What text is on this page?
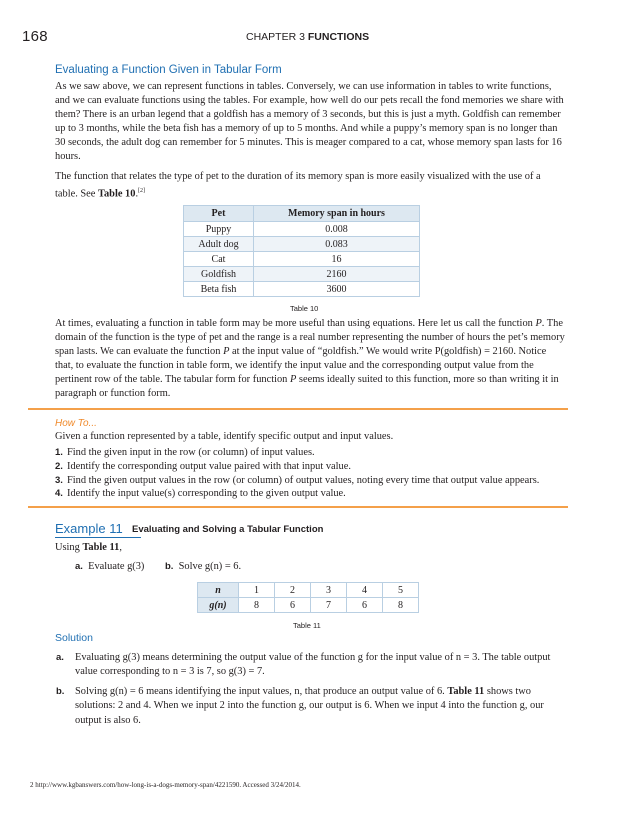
168	CHAPTER 3 FUNCTIONS
Evaluating a Function Given in Tabular Form

As we saw above, we can represent functions in tables. Conversely, we can use information in tables to write functions, and we can evaluate functions using the tables. For example, how well do our pets recall the fond memories we share with them? There is an urban legend that a goldfish has a memory of 3 seconds, but this is just a myth. Goldfish can remember up to 3 months, while the beta fish has a memory of up to 5 months. And while a puppy’s memory span is no longer than 30 seconds, the adult dog can remember for 5 minutes. This is meager compared to a cat, whose memory span lasts for 16 hours.

The function that relates the type of pet to the duration of its memory span is more easily visualized with the use of a table. See Table 10.[2]

Pet	Memory span in hours
Puppy	0.008
Adult dog	0.083
Cat	16
Goldfish	2160
Beta fish	3600
Table 10

At times, evaluating a function in table form may be more useful than using equations. Here let us call the function P. The domain of the function is the type of pet and the range is a real number representing the number of hours the pet’s memory span lasts. We can evaluate the function P at the input value of “goldfish.” We would write P(goldfish) = 2160. Notice that, to evaluate the function in table form, we identify the input value and the corresponding output value from the pertinent row of the table. The tabular form for function P seems ideally suited to this function, more so than writing it in paragraph or function form.

How To...
Given a function represented by a table, identify specific output and input values.
1. Find the given input in the row (or column) of input values.
2. Identify the corresponding output value paired with that input value.
3. Find the given output values in the row (or column) of output values, noting every time that output value appears.
4. Identify the input value(s) corresponding to the given output value.
Example 11 Evaluating and Solving a Tabular Function
Using Table 11,
a. Evaluate g(3) b. Solve g(n) = 6.
n	1	2	3	4	5
g(n)	8	6	7	6	8
Table 11
Solution
a. Evaluating g(3) means determining the output value of the function g for the input value of n = 3. The table output value corresponding to n = 3 is 7, so g(3) = 7.

b. Solving g(n) = 6 means identifying the input values, n, that produce an output value of 6. Table 11 shows two solutions: 2 and 4. When we input 2 into the function g, our output is 6. When we input 4 into the function g, our output is also 6.

2 http://www.kgbanswers.com/how-long-is-a-dogs-memory-span/4221590. Accessed 3/24/2014.
